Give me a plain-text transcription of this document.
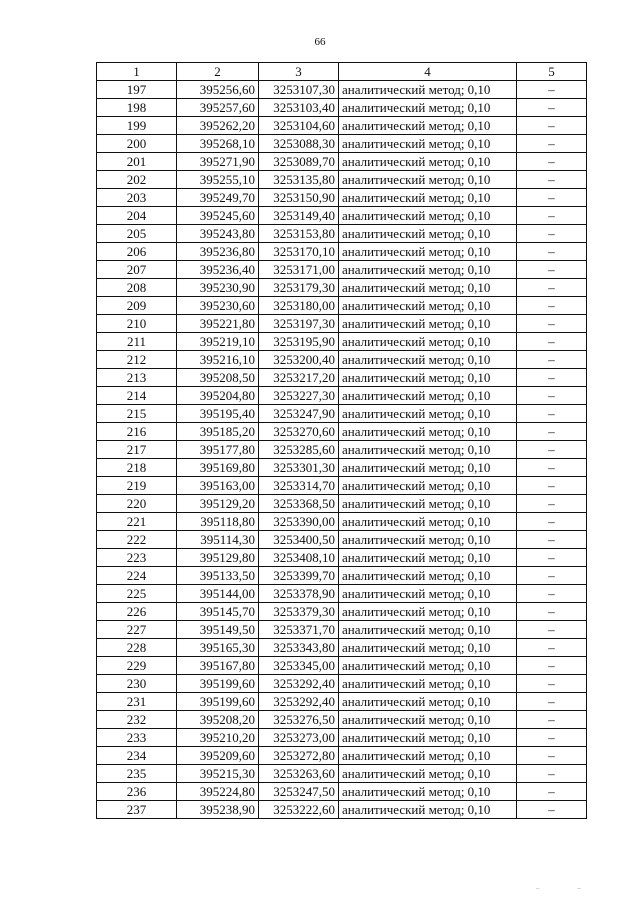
66
1	2	3	4	5
197	395256,60	3253107,30	аналитический метод; 0,10	–
198	395257,60	3253103,40	аналитический метод; 0,10	–
199	395262,20	3253104,60	аналитический метод; 0,10	–
200	395268,10	3253088,30	аналитический метод; 0,10	–
201	395271,90	3253089,70	аналитический метод; 0,10	–
202	395255,10	3253135,80	аналитический метод; 0,10	–
203	395249,70	3253150,90	аналитический метод; 0,10	–
204	395245,60	3253149,40	аналитический метод; 0,10	–
205	395243,80	3253153,80	аналитический метод; 0,10	–
206	395236,80	3253170,10	аналитический метод; 0,10	–
207	395236,40	3253171,00	аналитический метод; 0,10	–
208	395230,90	3253179,30	аналитический метод; 0,10	–
209	395230,60	3253180,00	аналитический метод; 0,10	–
210	395221,80	3253197,30	аналитический метод; 0,10	–
211	395219,10	3253195,90	аналитический метод; 0,10	–
212	395216,10	3253200,40	аналитический метод; 0,10	–
213	395208,50	3253217,20	аналитический метод; 0,10	–
214	395204,80	3253227,30	аналитический метод; 0,10	–
215	395195,40	3253247,90	аналитический метод; 0,10	–
216	395185,20	3253270,60	аналитический метод; 0,10	–
217	395177,80	3253285,60	аналитический метод; 0,10	–
218	395169,80	3253301,30	аналитический метод; 0,10	–
219	395163,00	3253314,70	аналитический метод; 0,10	–
220	395129,20	3253368,50	аналитический метод; 0,10	–
221	395118,80	3253390,00	аналитический метод; 0,10	–
222	395114,30	3253400,50	аналитический метод; 0,10	–
223	395129,80	3253408,10	аналитический метод; 0,10	–
224	395133,50	3253399,70	аналитический метод; 0,10	–
225	395144,00	3253378,90	аналитический метод; 0,10	–
226	395145,70	3253379,30	аналитический метод; 0,10	–
227	395149,50	3253371,70	аналитический метод; 0,10	–
228	395165,30	3253343,80	аналитический метод; 0,10	–
229	395167,80	3253345,00	аналитический метод; 0,10	–
230	395199,60	3253292,40	аналитический метод; 0,10	–
231	395199,60	3253292,40	аналитический метод; 0,10	–
232	395208,20	3253276,50	аналитический метод; 0,10	–
233	395210,20	3253273,00	аналитический метод; 0,10	–
234	395209,60	3253272,80	аналитический метод; 0,10	–
235	395215,30	3253263,60	аналитический метод; 0,10	–
236	395224,80	3253247,50	аналитический метод; 0,10	–
237	395238,90	3253222,60	аналитический метод; 0,10	–
– –
